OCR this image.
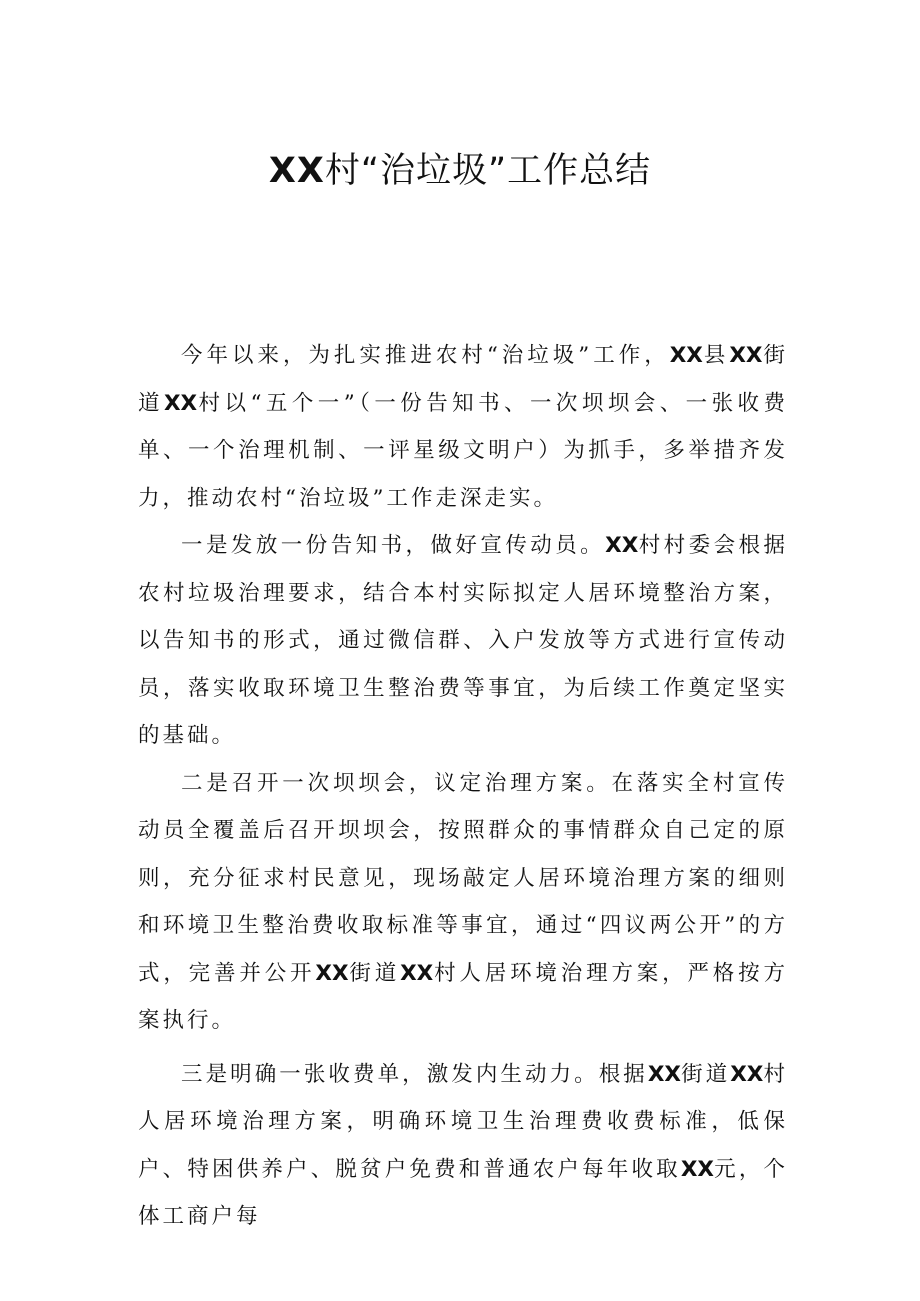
XX村“治垃圾”工作总结

今年以来，为扎实推进农村“治垃圾”工作，XX县XX街道XX村以“五个一”（一份告知书、一次坝坝会、一张收费单、一个治理机制、一评星级文明户）为抓手，多举措齐发力，推动农村“治垃圾”工作走深走实。

一是发放一份告知书，做好宣传动员。XX村村委会根据农村垃圾治理要求，结合本村实际拟定人居环境整治方案，以告知书的形式，通过微信群、入户发放等方式进行宣传动员，落实收取环境卫生整治费等事宜，为后续工作奠定坚实的基础。

二是召开一次坝坝会，议定治理方案。在落实全村宣传动员全覆盖后召开坝坝会，按照群众的事情群众自己定的原则，充分征求村民意见，现场敲定人居环境治理方案的细则和环境卫生整治费收取标准等事宜，通过“四议两公开”的方式，完善并公开XX街道XX村人居环境治理方案，严格按方案执行。

三是明确一张收费单，激发内生动力。根据XX街道XX村人居环境治理方案，明确环境卫生治理费收费标准，低保户、特困供养户、脱贫户免费和普通农户每年收取XX元，个体工商户每
